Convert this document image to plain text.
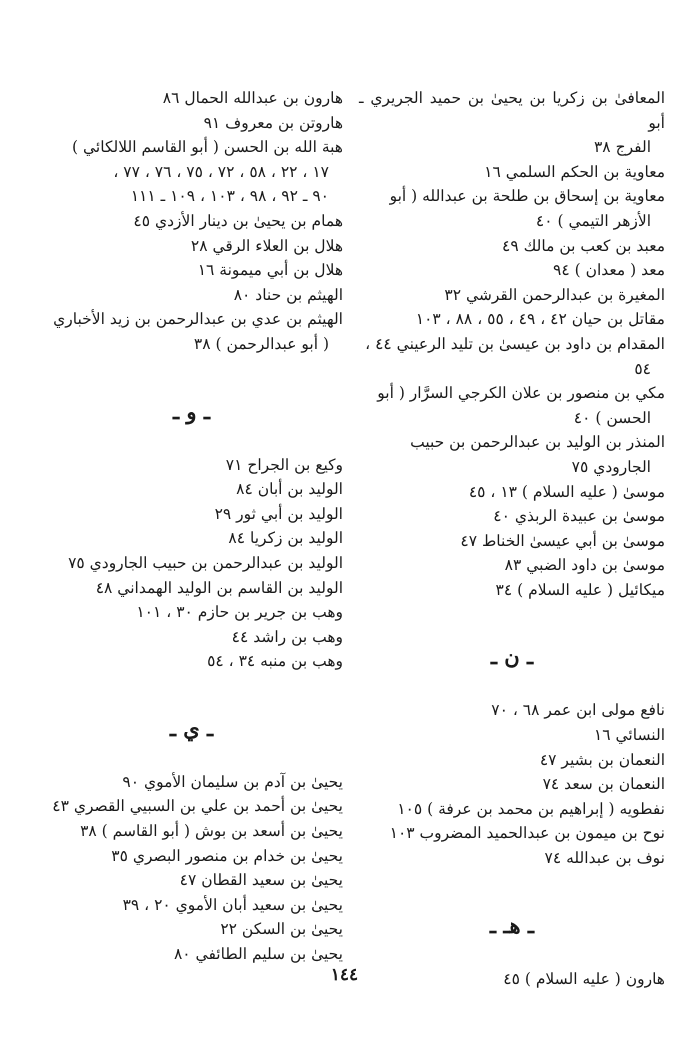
المعافىٰ بن زكريا بن يحيىٰ بن حميد الجريري ـ أبو
الفرج ٣٨
معاوية بن الحكم السلمي ١٦
معاوية بن إسحاق بن طلحة بن عبدالله ( أبو
الأزهر التيمي ) ٤٠
معبد بن كعب بن مالك ٤٩
معد ( معدان ) ٩٤
المغيرة بن عبدالرحمن القرشي ٣٢
مقاتل بن حيان ٤٢ ، ٤٩ ، ٥٥ ، ٨٨ ، ١٠٣
المقدام بن داود بن عيسىٰ بن تليد الرعيني ٤٤ ،
٥٤
مكي بن منصور بن علان الكرجي السرَّار ( أبو
الحسن ) ٤٠
المنذر بن الوليد بن عبدالرحمن بن حبيب
الجارودي ٧٥
موسىٰ ( عليه السلام ) ١٣ ، ٤٥
موسىٰ بن عبيدة الربذي ٤٠
موسىٰ بن أبي عيسىٰ الخناط ٤٧
موسىٰ بن داود الضبي ٨٣
ميكائيل ( عليه السلام ) ٣٤
ـ ن ـ
نافع مولى ابن عمر ٦٨ ، ٧٠
النسائي ١٦
النعمان بن بشير ٤٧
النعمان بن سعد ٧٤
نفطويه ( إبراهيم بن محمد بن عرفة ) ١٠٥
نوح بن ميمون بن عبدالحميد المضروب ١٠٣
نوف بن عبدالله ٧٤
ـ هـ ـ
هارون ( عليه السلام ) ٤٥
هارون بن عبدالله الحمال ٨٦
هاروتن بن معروف ٩١
هبة الله بن الحسن ( أبو القاسم اللالكائي )
١٧ ، ٢٢ ، ٥٨ ، ٧٢ ، ٧٥ ، ٧٦ ، ٧٧ ،
٩٠ ـ ٩٢ ، ٩٨ ، ١٠٣ ، ١٠٩ ـ ١١١
همام بن يحيىٰ بن دينار الأزدي ٤٥
هلال بن العلاء الرقي ٢٨
هلال بن أبي ميمونة ١٦
الهيثم بن حناد ٨٠
الهيثم بن عدي بن عبدالرحمن بن زيد الأخباري
( أبو عبدالرحمن ) ٣٨
ـ و ـ
وكيع بن الجراح ٧١
الوليد بن أبان ٨٤
الوليد بن أبي ثور ٢٩
الوليد بن زكريا ٨٤
الوليد بن عبدالرحمن بن حبيب الجارودي ٧٥
الوليد بن القاسم بن الوليد الهمداني ٤٨
وهب بن جرير بن حازم ٣٠ ، ١٠١
وهب بن راشد ٤٤
وهب بن منبه ٣٤ ، ٥٤
ـ ي ـ
يحيىٰ بن آدم بن سليمان الأموي ٩٠
يحيىٰ بن أحمد بن علي بن السبيي القصري ٤٣
يحيىٰ بن أسعد بن بوش ( أبو القاسم ) ٣٨
يحيىٰ بن خدام بن منصور البصري ٣٥
يحيىٰ بن سعيد القطان ٤٧
يحيىٰ بن سعيد أبان الأموي ٢٠ ، ٣٩
يحيىٰ بن السكن ٢٢
يحيىٰ بن سليم الطائفي ٨٠
١٤٤
